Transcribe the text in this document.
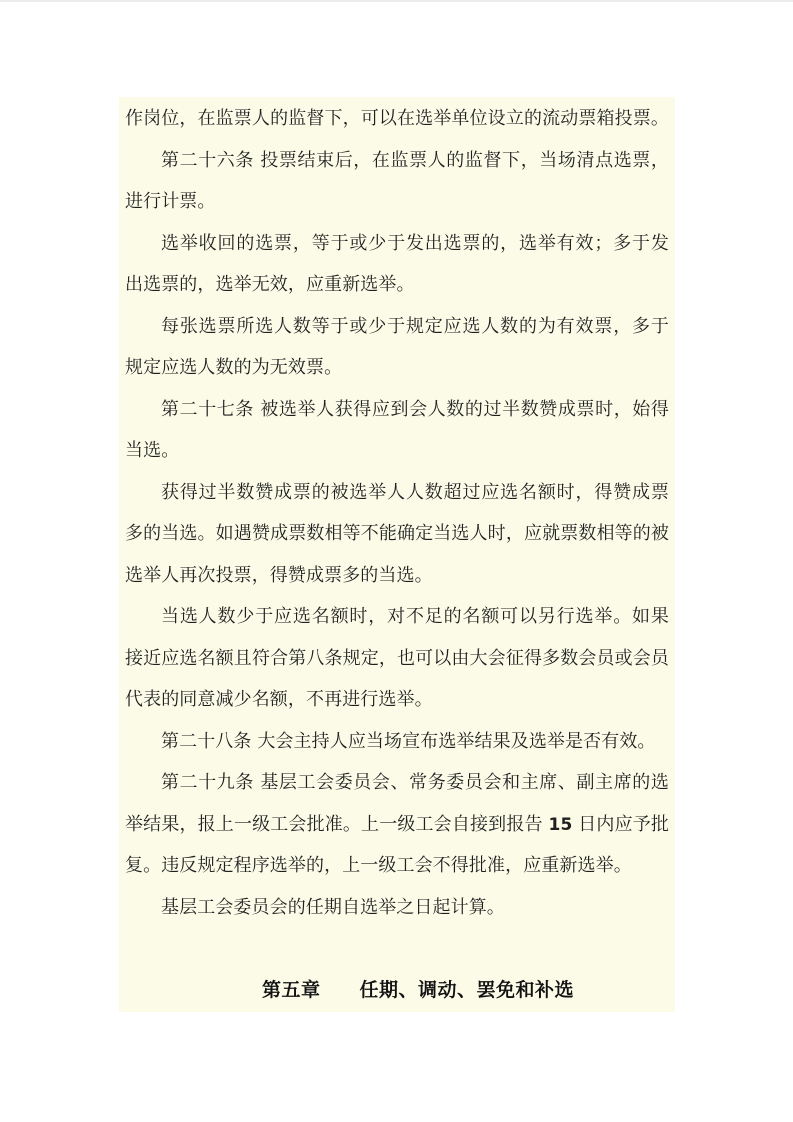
作岗位，在监票人的监督下，可以在选举单位设立的流动票箱投票。
第二十六条 投票结束后，在监票人的监督下，当场清点选票，
进行计票。
选举收回的选票，等于或少于发出选票的，选举有效；多于发
出选票的，选举无效，应重新选举。
每张选票所选人数等于或少于规定应选人数的为有效票，多于
规定应选人数的为无效票。
第二十七条 被选举人获得应到会人数的过半数赞成票时，始得
当选。
获得过半数赞成票的被选举人人数超过应选名额时，得赞成票
多的当选。如遇赞成票数相等不能确定当选人时，应就票数相等的被
选举人再次投票，得赞成票多的当选。
当选人数少于应选名额时，对不足的名额可以另行选举。如果
接近应选名额且符合第八条规定，也可以由大会征得多数会员或会员
代表的同意减少名额，不再进行选举。
第二十八条 大会主持人应当场宣布选举结果及选举是否有效。
第二十九条 基层工会委员会、常务委员会和主席、副主席的选
举结果，报上一级工会批准。上一级工会自接到报告 15 日内应予批
复。违反规定程序选举的，上一级工会不得批准，应重新选举。
基层工会委员会的任期自选举之日起计算。
第五章　　任期、调动、罢免和补选
